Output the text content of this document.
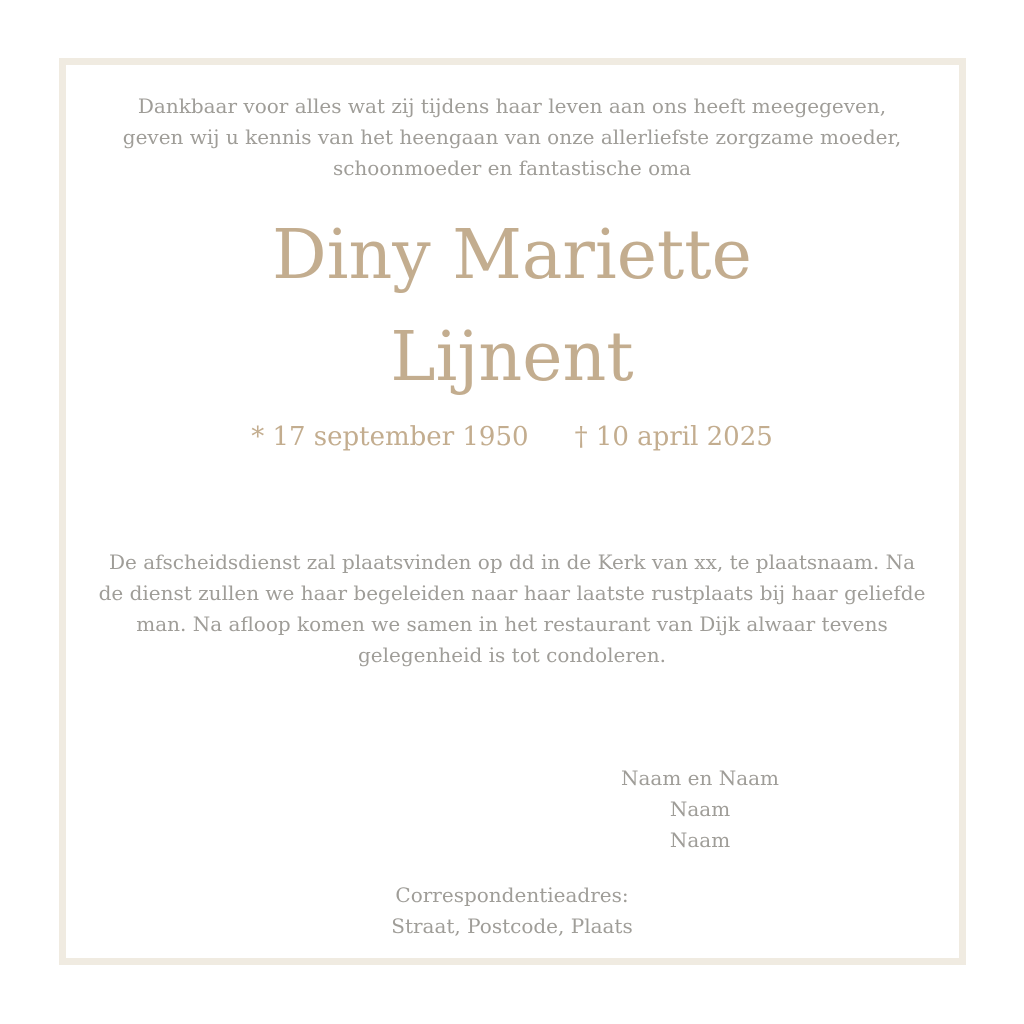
Dankbaar voor alles wat zij tijdens haar leven aan ons heeft meegegeven,
geven wij u kennis van het heengaan van onze allerliefste zorgzame moeder,
schoonmoeder en fantastische oma

Diny Mariette
Lijnent
* 17 september 1950 † 10 april 2025

De afscheidsdienst zal plaatsvinden op dd in de Kerk van xx, te plaatsnaam. Na
de dienst zullen we haar begeleiden naar haar laatste rustplaats bij haar geliefde
man. Na afloop komen we samen in het restaurant van Dijk alwaar tevens
gelegenheid is tot condoleren.

Naam en Naam
Naam
Naam
Correspondentieadres:
Straat, Postcode, Plaats
